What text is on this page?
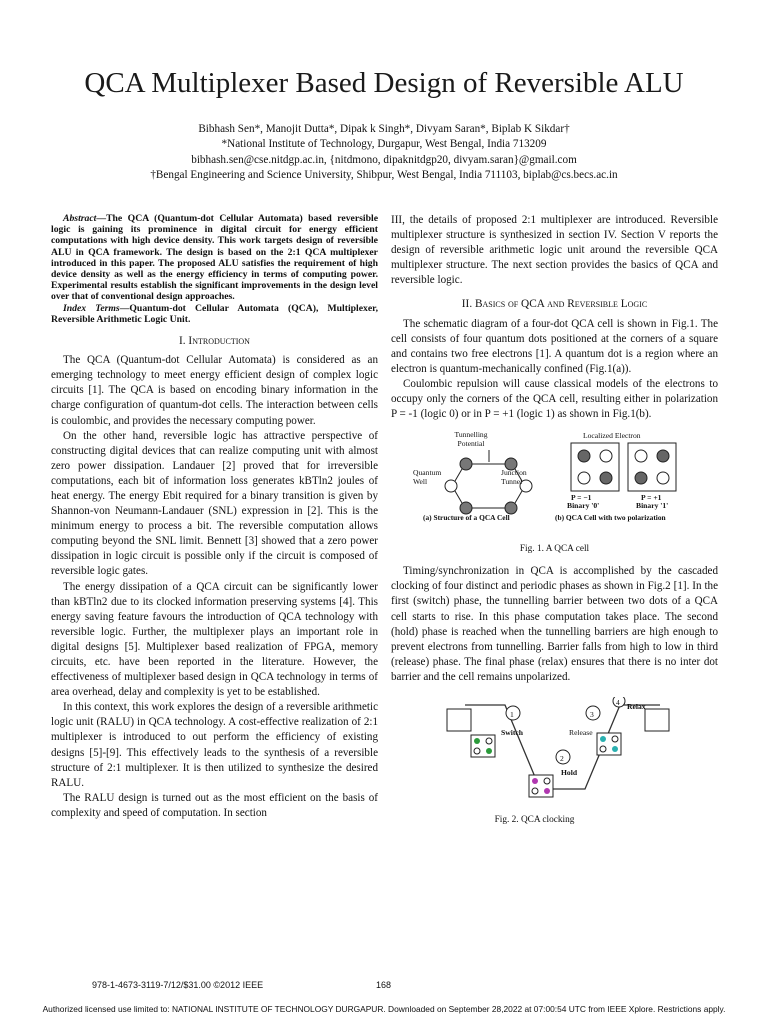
QCA Multiplexer Based Design of Reversible ALU
Bibhash Sen*, Manojit Dutta*, Dipak k Singh*, Divyam Saran*, Biplab K Sikdar†
*National Institute of Technology, Durgapur, West Bengal, India 713209
bibhash.sen@cse.nitdgp.ac.in, {nitdmono, dipaknitdgp20, divyam.saran}@gmail.com
†Bengal Engineering and Science University, Shibpur, West Bengal, India 711103, biplab@cs.becs.ac.in
Abstract—The QCA (Quantum-dot Cellular Automata) based reversible logic is gaining its prominence in digital circuit for energy efficient computations with high device density. This work targets design of reversible ALU in QCA framework. The design is based on the 2:1 QCA multiplexer introduced in this paper. The proposed ALU satisfies the requirement of high device density as well as the energy efficiency in terms of computing power. Experimental results establish the significant improvements in the design level over that of conventional design approaches.
Index Terms—Quantum-dot Cellular Automata (QCA), Multiplexer, Reversible Arithmetic Logic Unit.
I. Introduction

The QCA (Quantum-dot Cellular Automata) is considered as an emerging technology to meet energy efficient design of complex logic circuits [1]. The QCA is based on encoding binary information in the charge configuration of quantum-dot cells. The interaction between cells is coulombic, and provides the necessary computing power.

On the other hand, reversible logic has attractive perspective of constructing digital devices that can realize computing unit with almost zero power dissipation. Landauer [2] proved that for irreversible computations, each bit of information loss generates kBTln2 joules of heat energy. The energy Ebit required for a binary transition is given by Shannon-von Neumann-Landauer (SNL) expression in [2]. This is the minimum energy to process a bit. The reversible computation allows computing beyond the SNL limit. Bennett [3] showed that a zero power dissipation in logic circuit is possible only if the circuit is composed of reversible logic gates.

The energy dissipation of a QCA circuit can be significantly lower than kBTln2 due to its clocked information preserving systems [4]. This energy saving feature favours the introduction of QCA technology with reversible logic. Further, the multiplexer plays an important role in digital designs [5]. Multiplexer based realization of FPGA, memory circuits, etc. have been reported in the literature. However, the effectiveness of multiplexer based design in QCA technology in terms of area overhead, delay and complexity is yet to be established.

In this context, this work explores the design of a reversible arithmetic logic unit (RALU) in QCA technology. A cost-effective realization of 2:1 multiplexer is introduced to out perform the efficiency of existing designs [5]-[9]. This effectively leads to the synthesis of a reversible structure of 2:1 multiplexer. It is then utilized to synthesize the desired RALU.

The RALU design is turned out as the most efficient on the basis of complexity and speed of computation. In section

III, the details of proposed 2:1 multiplexer are introduced. Reversible multiplexer structure is synthesized in section IV. Section V reports the design of reversible arithmetic logic unit around the reversible QCA multiplexer structure. The next section provides the basics of QCA and reversible logic.

II. Basics of QCA and Reversible Logic

The schematic diagram of a four-dot QCA cell is shown in Fig.1. The cell consists of four quantum dots positioned at the corners of a square and contains two free electrons [1]. A quantum dot is a region where an electron is quantum-mechanically confined (Fig.1(a)).

Coulombic repulsion will cause classical models of the electrons to occupy only the corners of the QCA cell, resulting either in polarization P = -1 (logic 0) or in P = +1 (logic 1) as shown in Fig.1(b).

Tunnelling Potential
Quantum Well
Junction Tunnel
Localized Electron
P = −1
Binary '0'
P = +1
Binary '1'
(a) Structure of a QCA Cell	(b) QCA Cell with two polarization
Fig. 1. A QCA cell

Timing/synchronization in QCA is accomplished by the cascaded clocking of four distinct and periodic phases as shown in Fig.2 [1]. In the first (switch) phase, the tunnelling barrier between two dots of a QCA cell starts to rise. In this phase computation takes place. The second (hold) phase is reached when the tunnelling barriers are high enough to prevent electrons from tunnelling. Barrier falls from high to low in third (release) phase. The final phase (relax) ensures that there is no inter dot barrier and the cell remains unpolarized.

1
2
3
4
Switch
Hold
Release
Relax
Fig. 2. QCA clocking
978-1-4673-3119-7/12/$31.00 ©2012 IEEE	168
Authorized licensed use limited to: NATIONAL INSTITUTE OF TECHNOLOGY DURGAPUR. Downloaded on September 28,2022 at 07:00:54 UTC from IEEE Xplore. Restrictions apply.
